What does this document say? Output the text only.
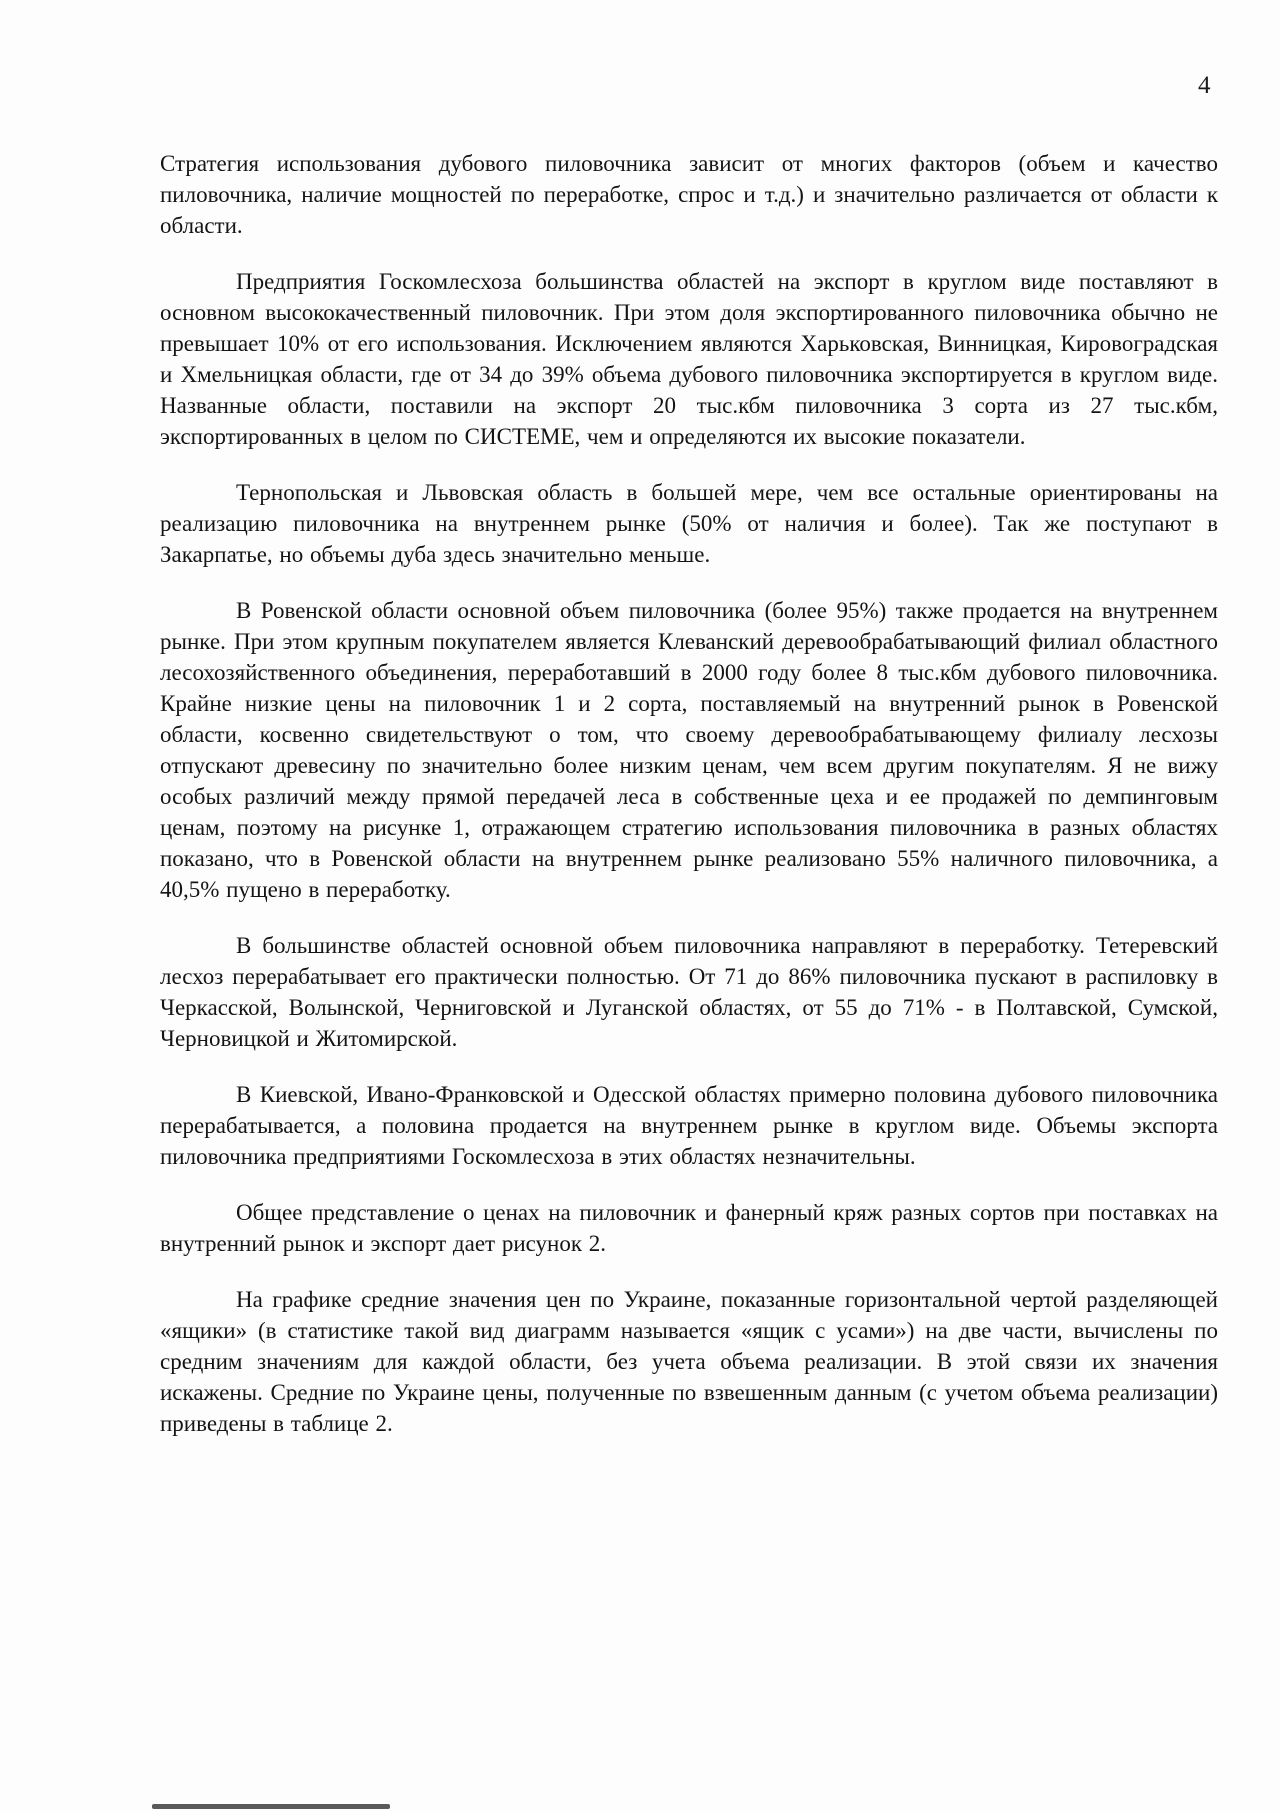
4

Стратегия использования дубового пиловочника зависит от многих факторов (объем и качество пиловочника, наличие мощностей по переработке, спрос и т.д.) и значительно различается от области к области.

Предприятия Госкомлесхоза большинства областей на экспорт в круглом виде поставляют в основном высококачественный пиловочник. При этом доля экспортированного пиловочника обычно не превышает 10% от его использования. Исключением являются Харьковская, Винницкая, Кировоградская и Хмельницкая области, где от 34 до 39% объема дубового пиловочника экспортируется в круглом виде. Названные области, поставили на экспорт 20 тыс.кбм пиловочника 3 сорта из 27 тыс.кбм, экспортированных в целом по СИСТЕМЕ, чем и определяются их высокие показатели.

Тернопольская и Львовская область в большей мере, чем все остальные ориентированы на реализацию пиловочника на внутреннем рынке (50% от наличия и более). Так же поступают в Закарпатье, но объемы дуба здесь значительно меньше.

В Ровенской области основной объем пиловочника (более 95%) также продается на внутреннем рынке. При этом крупным покупателем является Клеванский деревообрабатывающий филиал областного лесохозяйственного объединения, переработавший в 2000 году более 8 тыс.кбм дубового пиловочника. Крайне низкие цены на пиловочник 1 и 2 сорта, поставляемый на внутренний рынок в Ровенской области, косвенно свидетельствуют о том, что своему деревообрабатывающему филиалу лесхозы отпускают древесину по значительно более низким ценам, чем всем другим покупателям. Я не вижу особых различий между прямой передачей леса в собственные цеха и ее продажей по демпинговым ценам, поэтому на рисунке 1, отражающем стратегию использования пиловочника в разных областях показано, что в Ровенской области на внутреннем рынке реализовано 55% наличного пиловочника, а 40,5% пущено в переработку.

В большинстве областей основной объем пиловочника направляют в переработку. Тетеревский лесхоз перерабатывает его практически полностью. От 71 до 86% пиловочника пускают в распиловку в Черкасской, Волынской, Черниговской и Луганской областях, от 55 до 71% - в Полтавской, Сумской, Черновицкой и Житомирской.

В Киевской, Ивано-Франковской и Одесской областях примерно половина дубового пиловочника перерабатывается, а половина продается на внутреннем рынке в круглом виде. Объемы экспорта пиловочника предприятиями Госкомлесхоза в этих областях незначительны.

Общее представление о ценах на пиловочник и фанерный кряж разных сортов при поставках на внутренний рынок и экспорт дает рисунок 2.

На графике средние значения цен по Украине, показанные горизонтальной чертой разделяющей «ящики» (в статистике такой вид диаграмм называется «ящик с усами») на две части, вычислены по средним значениям для каждой области, без учета объема реализации. В этой связи их значения искажены. Средние по Украине цены, полученные по взвешенным данным (с учетом объема реализации) приведены в таблице 2.
